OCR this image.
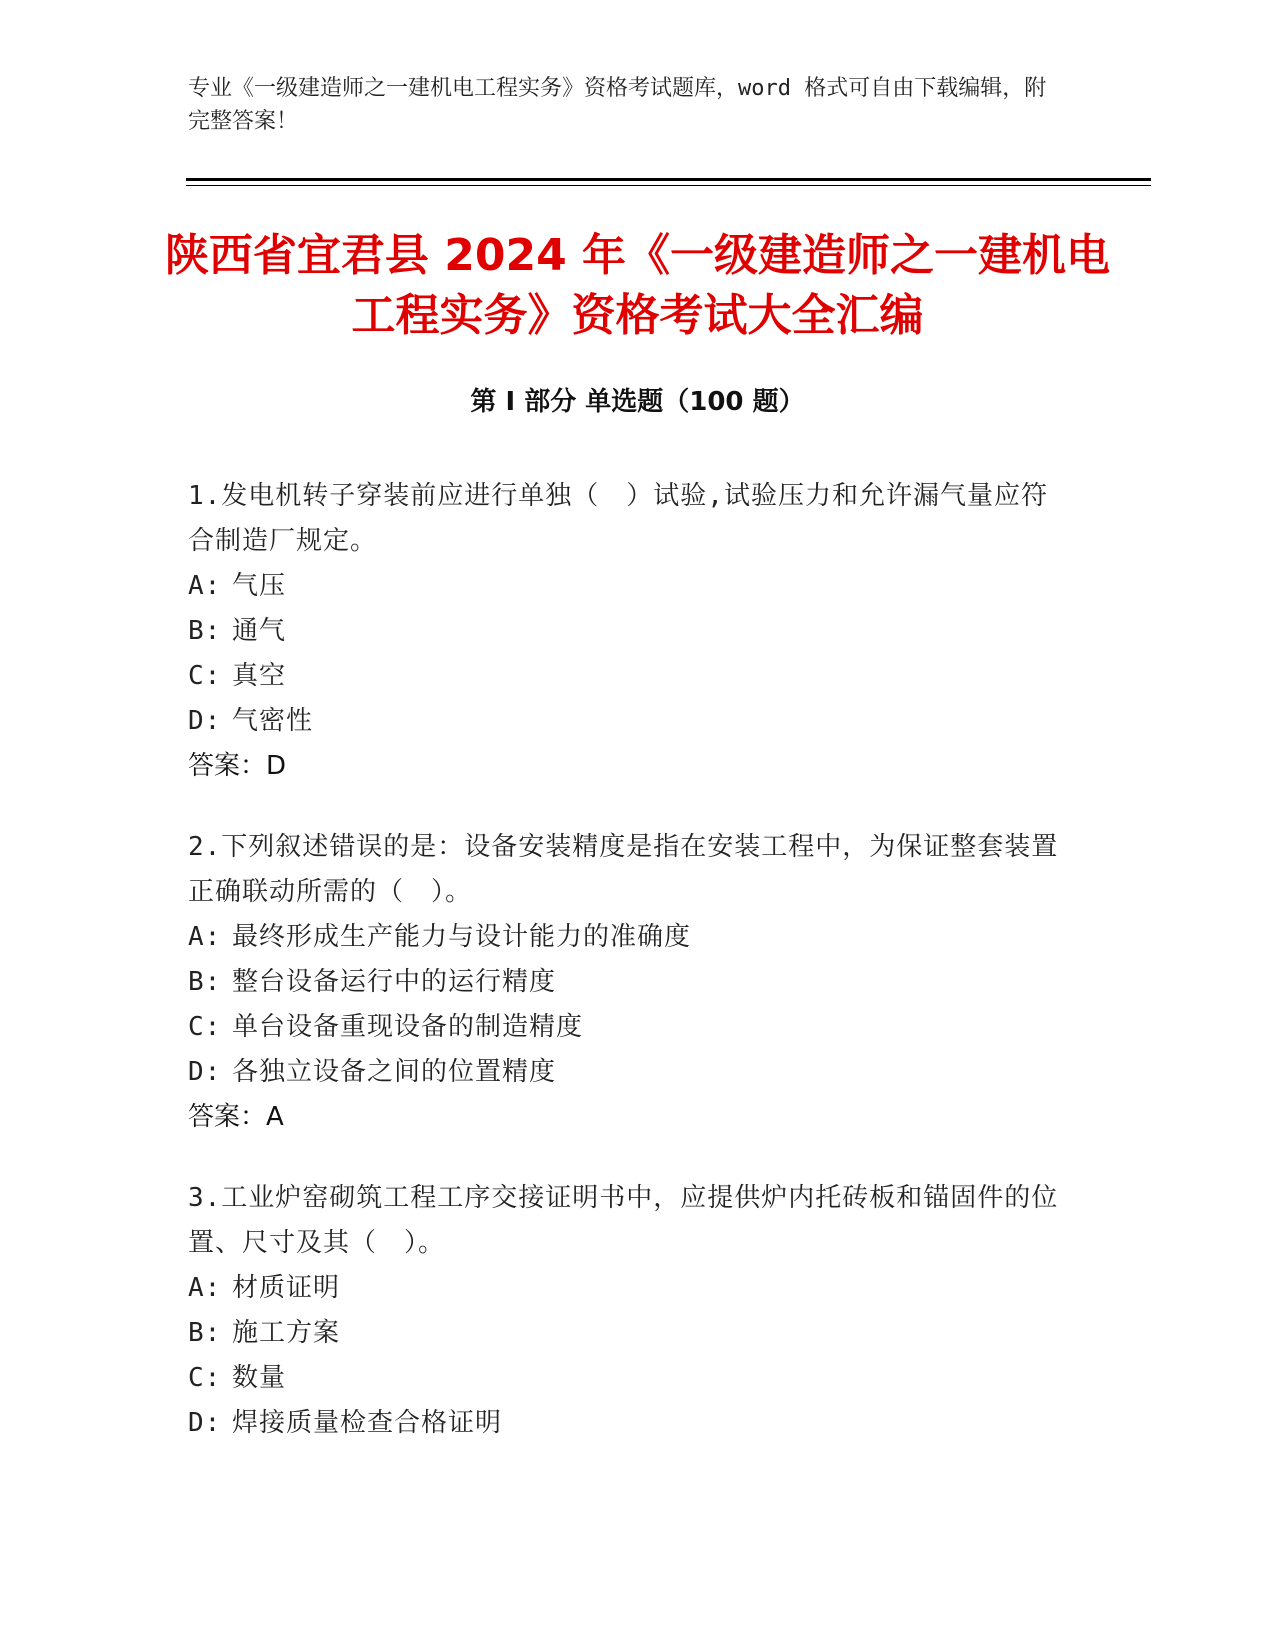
专业《一级建造师之一建机电工程实务》资格考试题库，word 格式可自由下载编辑，附完整答案！
陕西省宜君县 2024 年《一级建造师之一建机电工程实务》资格考试大全汇编
第 I 部分 单选题（100 题）
1.发电机转子穿装前应进行单独（　）试验,试验压力和允许漏气量应符合制造厂规定。
A: 气压
B: 通气
C: 真空
D: 气密性
答案：D
2.下列叙述错误的是：设备安装精度是指在安装工程中，为保证整套装置正确联动所需的（　）。
A: 最终形成生产能力与设计能力的准确度
B: 整台设备运行中的运行精度
C: 单台设备重现设备的制造精度
D: 各独立设备之间的位置精度
答案：A
3.工业炉窑砌筑工程工序交接证明书中，应提供炉内托砖板和锚固件的位置、尺寸及其（　）。
A: 材质证明
B: 施工方案
C: 数量
D: 焊接质量检查合格证明
